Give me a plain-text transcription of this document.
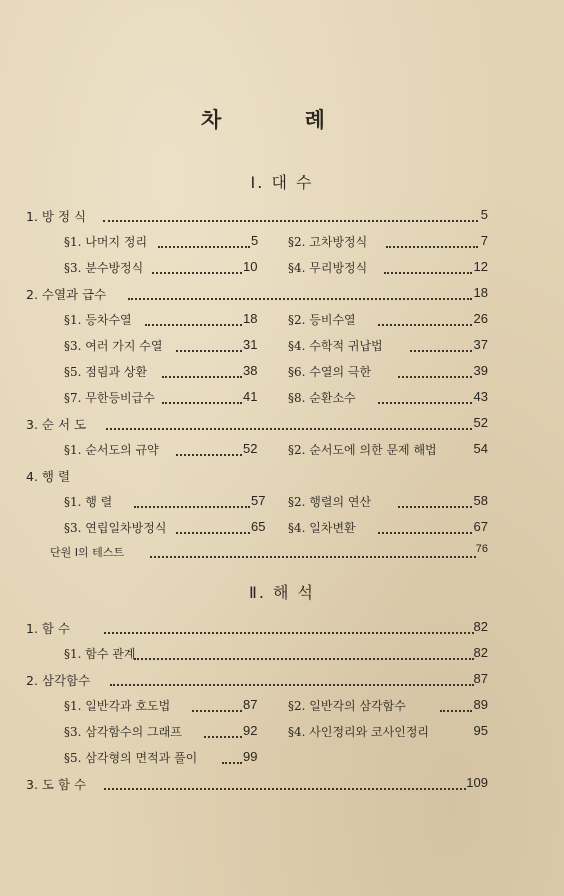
차 례
Ⅰ. 대 수
1. 방 정 식	5
§1. 나머지 정리	5 §2. 고차방정식	7
§3. 분수방정식	10	§4. 무리방정식	12
2. 수열과 급수	18
§1. 등차수열	18	§2. 등비수열	26
§3. 여러 가지 수열	31	§4. 수학적 귀납법	37
§5. 점림과 상환	38	§6. 수열의 극한	39
§7. 무한등비급수	41	§8. 순환소수	43
3. 순 서 도	52
§1. 순서도의 규약	52	§2. 순서도에 의한 문제 해법	54
4. 행 렬
§1. 행 렬	57 §2. 행렬의 연산	58
§3. 연립일차방정식	65 §4. 일차변환	67
단원 Ⅰ의 테스트	76
Ⅱ. 해 석
1. 함 수	82
§1. 함수 관계	82
2. 삼각함수	87
§1. 일반각과 호도법	87	§2. 일반각의 삼각함수	89
§3. 삼각함수의 그래프	92	§4. 사인정리와 코사인정리	95
§5. 삼각형의 면적과 풀이	99
3. 도 함 수	109
